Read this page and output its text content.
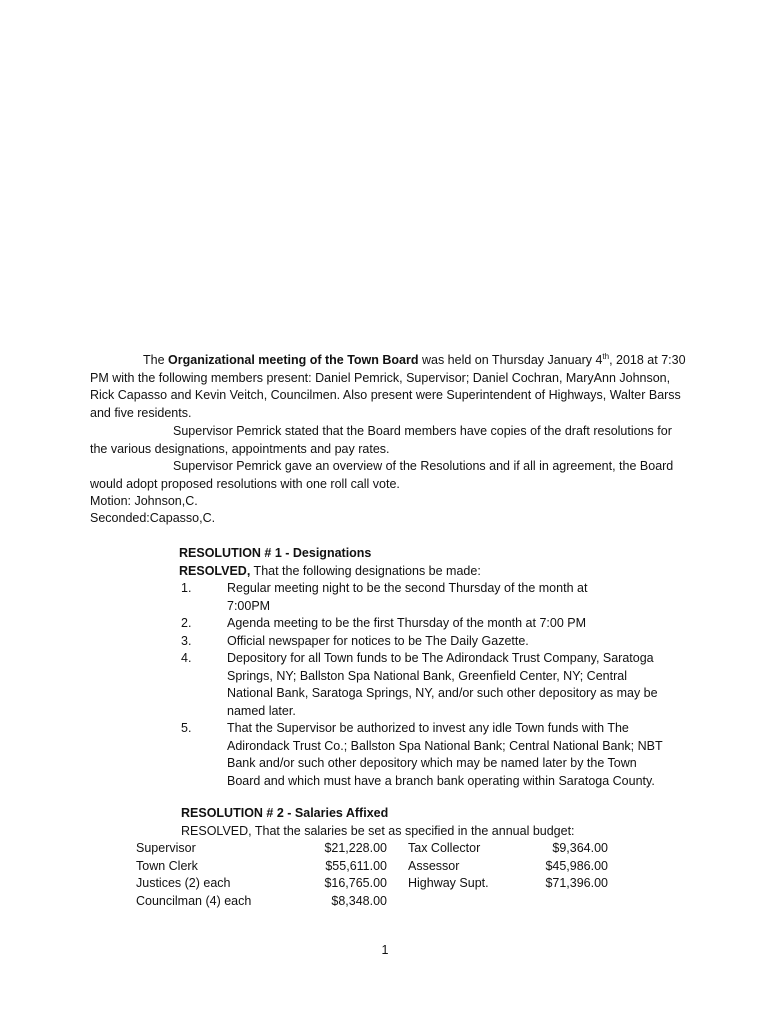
The Organizational meeting of the Town Board was held on Thursday January 4th, 2018 at 7:30 PM with the following members present: Daniel Pemrick, Supervisor; Daniel Cochran, MaryAnn Johnson, Rick Capasso and Kevin Veitch, Councilmen. Also present were Superintendent of Highways, Walter Barss and five residents.

Supervisor Pemrick stated that the Board members have copies of the draft resolutions for the various designations, appointments and pay rates.

Supervisor Pemrick gave an overview of the Resolutions and if all in agreement, the Board would adopt proposed resolutions with one roll call vote.

Motion: Johnson,C.
Seconded:Capasso,C.
RESOLUTION # 1 - Designations
RESOLVED, That the following designations be made:
1.	Regular meeting night to be the second Thursday of the month at 7:00PM
2.	Agenda meeting to be the first Thursday of the month at 7:00 PM
3.	Official newspaper for notices to be The Daily Gazette.
4.	Depository for all Town funds to be The Adirondack Trust Company, Saratoga Springs, NY; Ballston Spa National Bank, Greenfield Center, NY; Central National Bank, Saratoga Springs, NY, and/or such other depository as may be named later.
5.	That the Supervisor be authorized to invest any idle Town funds with The Adirondack Trust Co.; Ballston Spa National Bank; Central National Bank; NBT Bank and/or such other depository which may be named later by the Town Board and which must have a branch bank operating within Saratoga County.
RESOLUTION # 2 - Salaries Affixed
RESOLVED, That the salaries be set as specified in the annual budget:
Supervisor	$21,228.00	Tax Collector	$9,364.00
Town Clerk	$55,611.00	Assessor	$45,986.00
Justices (2) each	$16,765.00	Highway Supt.	$71,396.00
Councilman (4) each	$8,348.00		
1
